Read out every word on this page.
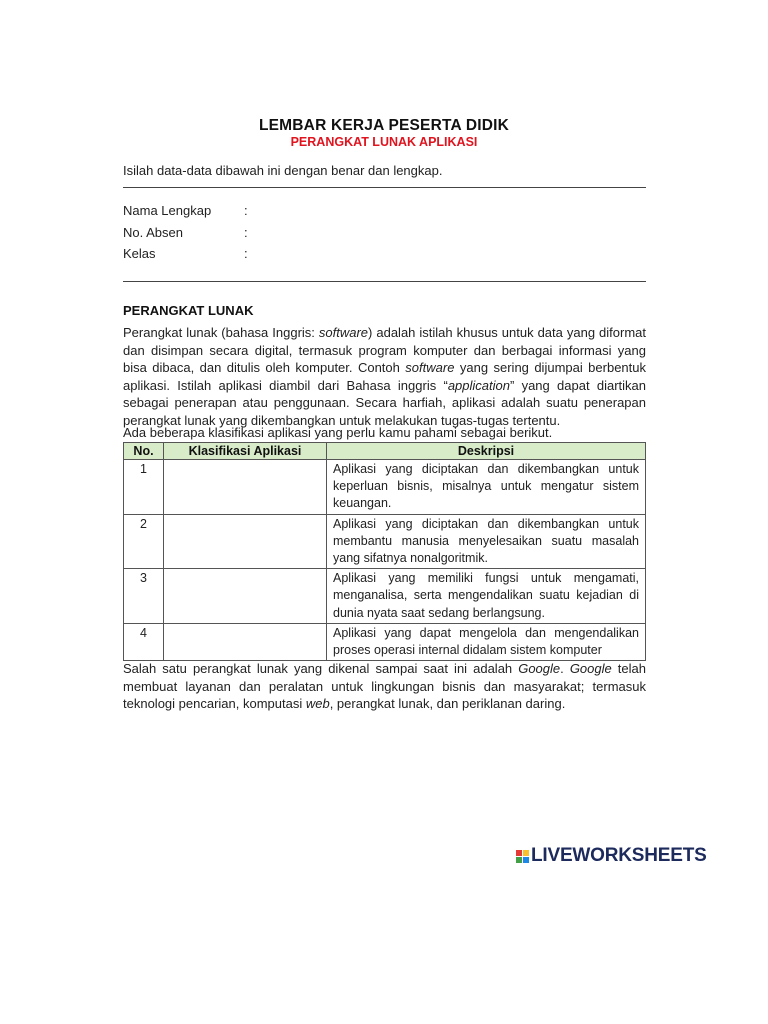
LEMBAR KERJA PESERTA DIDIK
PERANGKAT LUNAK APLIKASI
Isilah data-data dibawah ini dengan benar dan lengkap.
Nama Lengkap	:
No. Absen	:
Kelas	:
PERANGKAT LUNAK
Perangkat lunak (bahasa Inggris: software) adalah istilah khusus untuk data yang diformat dan disimpan secara digital, termasuk program komputer dan berbagai informasi yang bisa dibaca, dan ditulis oleh komputer. Contoh software yang sering dijumpai berbentuk aplikasi. Istilah aplikasi diambil dari Bahasa inggris “application” yang dapat diartikan sebagai penerapan atau penggunaan. Secara harfiah, aplikasi adalah suatu penerapan perangkat lunak yang dikembangkan untuk melakukan tugas-tugas tertentu.
Ada beberapa klasifikasi aplikasi yang perlu kamu pahami sebagai berikut.
No.	Klasifikasi Aplikasi	Deskripsi
1		Aplikasi yang diciptakan dan dikembangkan untuk keperluan bisnis, misalnya untuk mengatur sistem keuangan.
2		Aplikasi yang diciptakan dan dikembangkan untuk membantu manusia menyelesaikan suatu masalah yang sifatnya nonalgoritmik.
3		Aplikasi yang memiliki fungsi untuk mengamati, menganalisa, serta mengendalikan suatu kejadian di dunia nyata saat sedang berlangsung.
4		Aplikasi yang dapat mengelola dan mengendalikan proses operasi internal didalam sistem komputer
Salah satu perangkat lunak yang dikenal sampai saat ini adalah Google. Google telah membuat layanan dan peralatan untuk lingkungan bisnis dan masyarakat; termasuk teknologi pencarian, komputasi web, perangkat lunak, dan periklanan daring.
LIVEWORKSHEETS
